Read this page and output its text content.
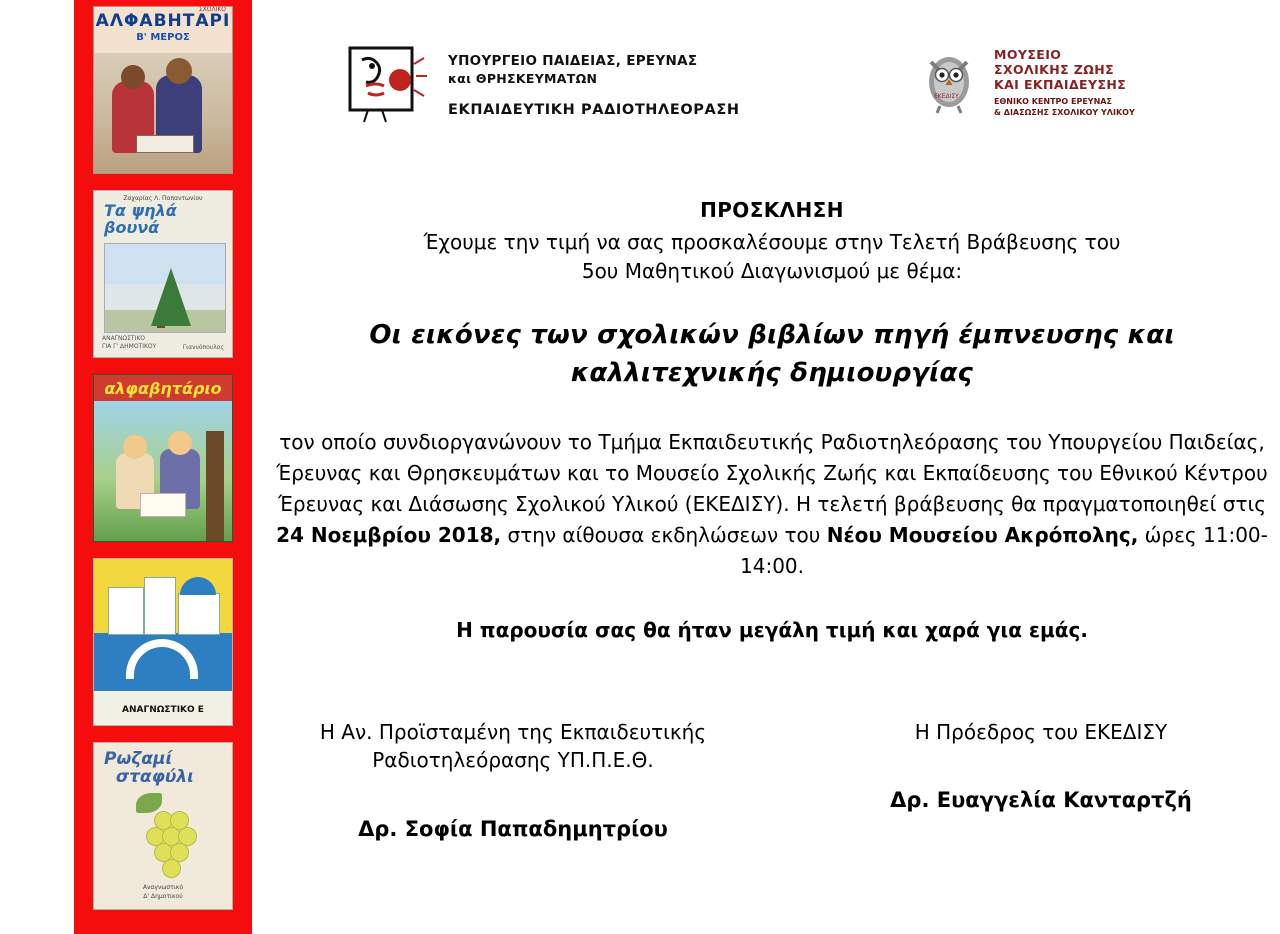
ΣΧΟΛΙΚΟ
ΑΛΦΑΒΗΤΑΡΙ
Β' ΜΕΡΟΣ
Ζαχαρίας Λ. Παπαντωνίου
Τα ψηλά
βουνά
ΑΝΑΓΝΩΣΤΙΚΟ
ΓΙΑ Γ' ΔΗΜΟΤΙΚΟΥ	Γιαννόπουλος
αλφαβητάριο
ΑΝΑΓΝΩΣΤΙΚΟ Ε
Ρωζαμί
σταφύλι
Αναγνωστικό
Δ' Δημοτικού
ΥΠΟΥΡΓΕΙΟ ΠΑΙΔΕΙΑΣ, ΕΡΕΥΝΑΣ
και ΘΡΗΣΚΕΥΜΑΤΩΝ
ΕΚΠΑΙΔΕΥΤΙΚΗ ΡΑΔΙΟΤΗΛΕΟΡΑΣΗ
ΕΚΕΔΙΣΥ
ΜΟΥΣΕΙΟ
ΣΧΟΛΙΚΗΣ ΖΩΗΣ
ΚΑΙ ΕΚΠΑΙΔΕΥΣΗΣ
ΕΘΝΙΚΟ ΚΕΝΤΡΟ ΕΡΕΥΝΑΣ
& ΔΙΑΣΩΣΗΣ ΣΧΟΛΙΚΟΥ ΥΛΙΚΟΥ
ΠΡΟΣΚΛΗΣΗ
Έχουμε την τιμή να σας προσκαλέσουμε στην Τελετή Βράβευσης του
5ου Μαθητικού Διαγωνισμού με θέμα:
Οι εικόνες των σχολικών βιβλίων πηγή έμπνευσης και
καλλιτεχνικής δημιουργίας
τον οποίο συνδιοργανώνουν το Τμήμα Εκπαιδευτικής Ραδιοτηλεόρασης του Υπουργείου Παιδείας, Έρευνας και Θρησκευμάτων και το Μουσείο Σχολικής Ζωής και Εκπαίδευσης του Εθνικού Κέντρου Έρευνας και Διάσωσης Σχολικού Υλικού (ΕΚΕΔΙΣΥ). Η τελετή βράβευσης θα πραγματοποιηθεί στις 24 Νοεμβρίου 2018, στην αίθουσα εκδηλώσεων του Νέου Μουσείου Ακρόπολης, ώρες 11:00-14:00.
Η παρουσία σας θα ήταν μεγάλη τιμή και χαρά για εμάς.
Η Αν. Προϊσταμένη της Εκπαιδευτικής
Ραδιοτηλεόρασης ΥΠ.Π.Ε.Θ.
Δρ. Σοφία Παπαδημητρίου
Η Πρόεδρος του ΕΚΕΔΙΣΥ
Δρ. Ευαγγελία Κανταρτζή
